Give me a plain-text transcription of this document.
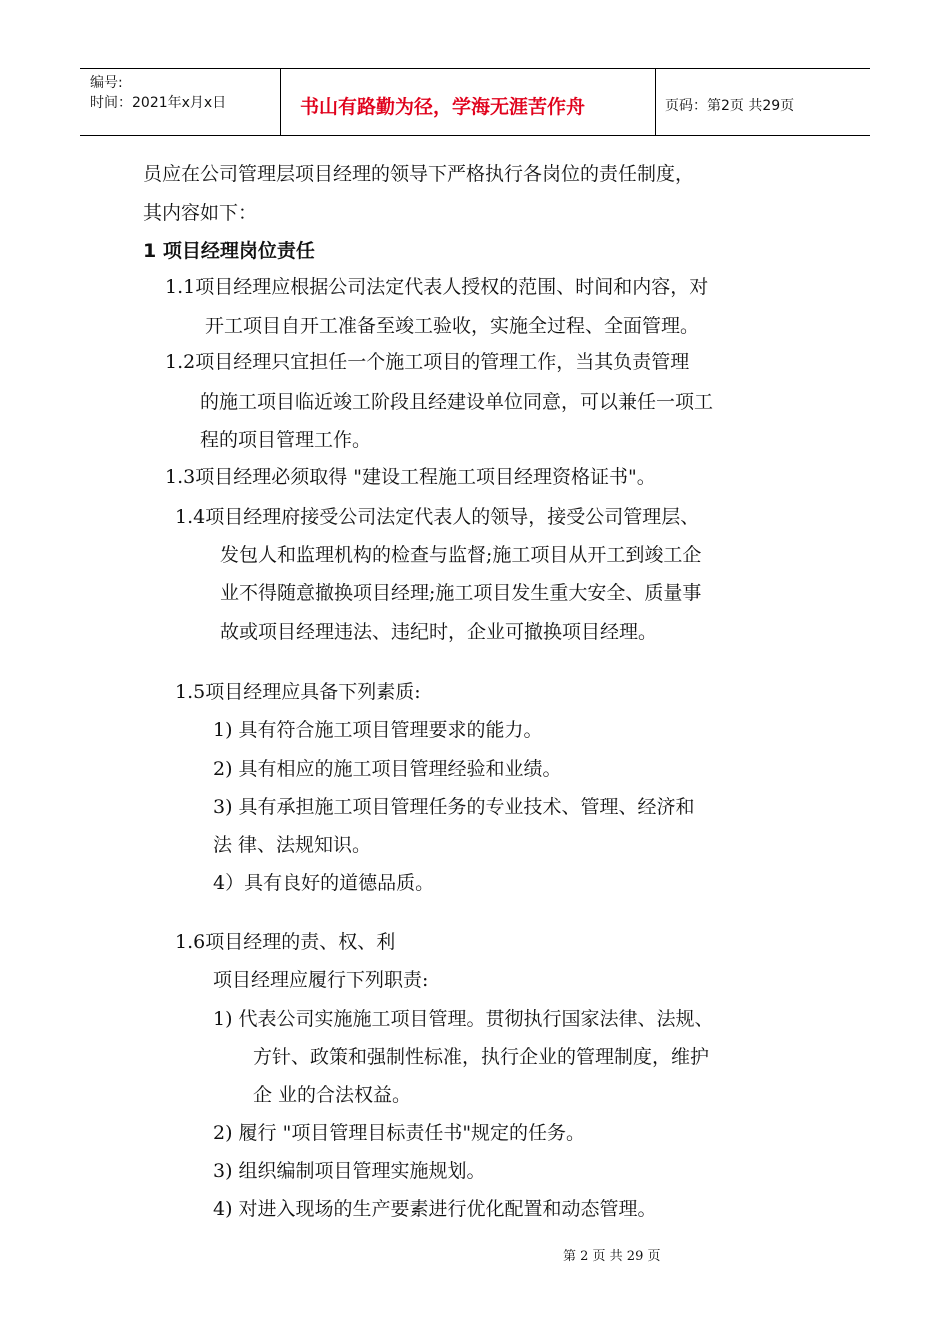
编号:
时间：2021年x月x日	书山有路勤为径，学海无涯苦作舟	页码：第2页 共29页
员应在公司管理层项目经理的领导下严格执行各岗位的责任制度，
其内容如下：
1 项目经理岗位责任
1.1项目经理应根据公司法定代表人授权的范围、时间和内容，对
开工项目自开工准备至竣工验收，实施全过程、全面管理。
1.2项目经理只宜担任一个施工项目的管理工作，当其负责管理
的施工项目临近竣工阶段且经建设单位同意，可以兼任一项工
程的项目管理工作。
1.3项目经理必须取得 "建设工程施工项目经理资格证书"。
1.4项目经理府接受公司法定代表人的领导，接受公司管理层、
发包人和监理机构的检查与监督;施工项目从开工到竣工企
业不得随意撤换项目经理;施工项目发生重大安全、质量事
故或项目经理违法、违纪时，企业可撤换项目经理。
1.5项目经理应具备下列素质:
1) 具有符合施工项目管理要求的能力。
2) 具有相应的施工项目管理经验和业绩。
3) 具有承担施工项目管理任务的专业技术、管理、经济和
法 律、法规知识。
4）具有良好的道德品质。
1.6项目经理的责、权、利
项目经理应履行下列职责:
1) 代表公司实施施工项目管理。贯彻执行国家法律、法规、
方针、政策和强制性标准，执行企业的管理制度，维护
企 业的合法权益。
2) 履行 "项目管理目标责任书"规定的任务。
3) 组织编制项目管理实施规划。
4) 对进入现场的生产要素进行优化配置和动态管理。
第 2 页 共 29 页
